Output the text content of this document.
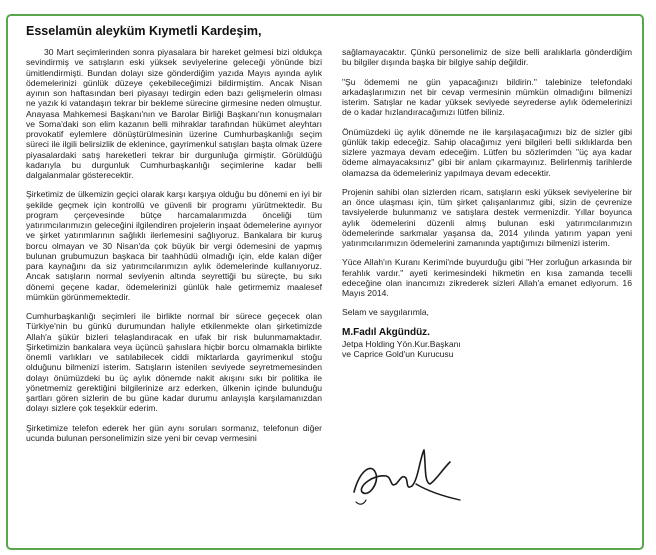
Esselamün aleyküm Kıymetli Kardeşim,

30 Mart seçimlerinden sonra piyasalara bir hareket gelmesi bizi oldukça sevindirmiş ve satışların eski yüksek seviyelerine geleceği yönünde bizi ümitlendirmişti. Bundan dolayı size gönderdiğim yazıda Mayıs ayında aylık ödemelerinizi günlük düzeye çekebileceğimizi bildirmiştim. Ancak Nisan ayının son haftasından beri piyasayı tedirgin eden bazı gelişmelerin olması ne yazık ki vatandaşın tekrar bir bekleme sürecine girmesine neden olmuştur. Anayasa Mahkemesi Başkanı'nın ve Barolar Birliği Başkanı'nın konuşmaları ve Soma'daki son elim kazanın belli mihraklar tarafından hükümet aleyhtarı provokatif eylemlere dönüştürülmesinin üzerine Cumhurbaşkanlığı seçim süreci ile ilgili belirsizlik de eklenince, gayrimenkul satışları başta olmak üzere piyasalardaki satış hareketleri tekrar bir durgunluğa girmiştir. Görüldüğü kadarıyla bu durgunluk Cumhurbaşkanlığı seçimlerine kadar belli dalgalanmalar gösterecektir.

Şirketimiz de ülkemizin geçici olarak karşı karşıya olduğu bu dönemi en iyi bir şekilde geçmek için kontrollü ve güvenli bir programı yürütmektedir. Bu program çerçevesinde bütçe harcamalarımızda önceliği tüm yatırımcılarımızın geleceğini ilgilendiren projelerin inşaat ödemelerine ayırıyor ve şirket yatırımlarının sağlıklı ilerlemesini sağlıyoruz. Bankalara bir kuruş borcu olmayan ve 30 Nisan'da çok büyük bir vergi ödemesini de yapmış bulunan grubumuzun başkaca bir taahhüdü olmadığı için, elde kalan diğer para kaynağını da siz yatırımcılarımızın aylık ödemelerinde kullanıyoruz. Ancak satışların normal seviyenin altında seyrettiği bu süreçte, bu sıkı dönemi geçene kadar, ödemelerinizi günlük hale getirmemiz maalesef mümkün görünmemektedir.

Cumhurbaşkanlığı seçimleri ile birlikte normal bir sürece geçecek olan Türkiye'nin bu günkü durumundan haliyle etkilenmekte olan şirketimizde Allah'a şükür bizleri telaşlandıracak en ufak bir risk bulunmamaktadır. Şirketimizin bankalara veya üçüncü şahıslara hiçbir borcu olmamakla birlikte önemli varlıkları ve satılabilecek ciddi miktarlarda gayrimenkul stoğu olduğunu bilmenizi isterim. Satışların istenilen seviyede seyretmemesinden dolayı önümüzdeki bu üç aylık dönemde nakit akışını sıkı bir politika ile yönetmemiz gerektiğini bilgilerinize arz ederken, ülkenin içinde bulunduğu şartları gören sizlerin de bu güne kadar durumu anlayışla karşılamanızdan dolayı sizlere çok teşekkür ederim.

Şirketimize telefon ederek her gün aynı soruları sormanız, telefonun diğer ucunda bulunan personelimizin size yeni bir cevap vermesini

sağlamayacaktır. Çünkü personelimiz de size belli aralıklarla gönderdiğim bu bilgiler dışında başka bir bilgiye sahip değildir.

"Şu ödememi ne gün yapacağınızı bildirin." talebinize telefondaki arkadaşlarımızın net bir cevap vermesinin mümkün olmadığını bilmenizi isterim. Satışlar ne kadar yüksek seviyede seyrederse aylık ödemelerinizi de o kadar hızlandıracağımızı lütfen biliniz.

Önümüzdeki üç aylık dönemde ne ile karşılaşacağımızı biz de sizler gibi günlük takip edeceğiz. Sahip olacağımız yeni bilgileri belli sıklıklarda ben sizlere yazmaya devam edeceğim. Lütfen bu sözlerimden "üç aya kadar ödeme almayacaksınız" gibi bir anlam çıkarmayınız. Belirlenmiş tarihlerde olamazsa da ödemeleriniz yapılmaya devam edecektir.

Projenin sahibi olan sizlerden ricam, satışların eski yüksek seviyelerine bir an önce ulaşması için, tüm şirket çalışanlarımız gibi, sizin de çevrenize tavsiyelerde bulunmanız ve satışlara destek vermenizdir. Yıllar boyunca aylık ödemelerini düzenli almış bulunan eski yatırımcılarımızın ödemelerinde sarkmalar yaşansa da, 2014 yılında yatırım yapan yeni yatırımcılarımızın ödemelerini zamanında yaptığımızı bilmenizi isterim.

Yüce Allah'ın Kuranı Kerimi'nde buyurduğu gibi "Her zorluğun arkasında bir ferahlık vardır." ayeti kerimesindeki hikmetin en kısa zamanda tecelli edeceğine olan inancımızı zikrederek sizleri Allah'a emanet ediyorum. 16 Mayıs 2014.

Selam ve saygılarımla,

M.Fadıl Akgündüz.
Jetpa Holding Yön.Kur.Başkanı
ve Caprice Gold'un Kurucusu
